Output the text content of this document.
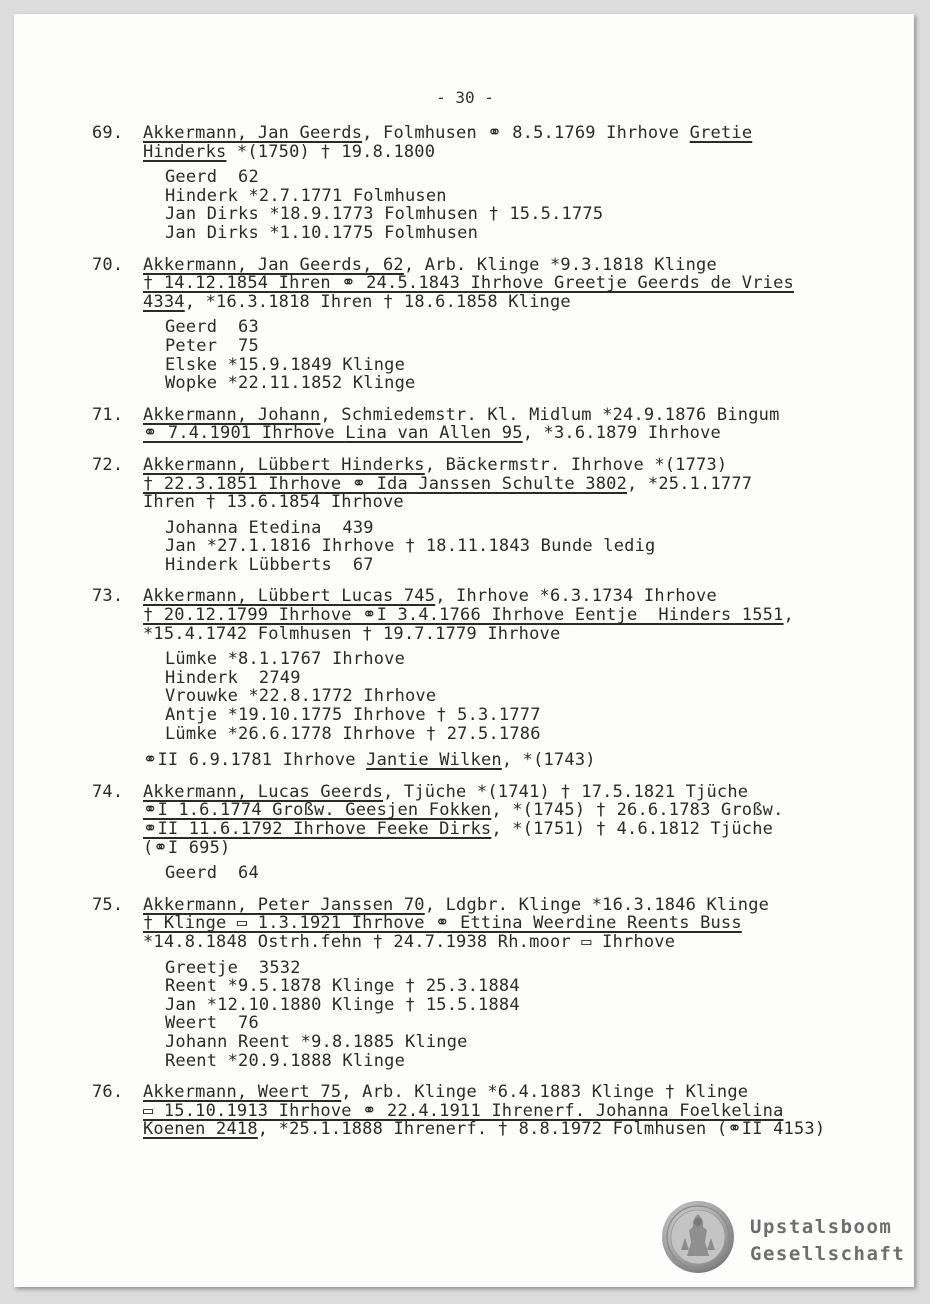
- 30 -
69. Akkermann, Jan Geerds, Folmhusen ⚭ 8.5.1769 Ihrhove Gretie
Hinderks *(1750) † 19.8.1800
Geerd  62
Hinderk *2.7.1771 Folmhusen
Jan Dirks *18.9.1773 Folmhusen † 15.5.1775
Jan Dirks *1.10.1775 Folmhusen
70. Akkermann, Jan Geerds, 62, Arb. Klinge *9.3.1818 Klinge
† 14.12.1854 Ihren ⚭ 24.5.1843 Ihrhove Greetje Geerds de Vries
4334, *16.3.1818 Ihren † 18.6.1858 Klinge
Geerd  63
Peter  75
Elske *15.9.1849 Klinge
Wopke *22.11.1852 Klinge
71. Akkermann, Johann, Schmiedemstr. Kl. Midlum *24.9.1876 Bingum
⚭ 7.4.1901 Ihrhove Lina van Allen 95, *3.6.1879 Ihrhove
72. Akkermann, Lübbert Hinderks, Bäckermstr. Ihrhove *(1773)
† 22.3.1851 Ihrhove ⚭ Ida Janssen Schulte 3802, *25.1.1777
Ihren † 13.6.1854 Ihrhove
Johanna Etedina  439
Jan *27.1.1816 Ihrhove † 18.11.1843 Bunde ledig
Hinderk Lübberts  67
73. Akkermann, Lübbert Lucas 745, Ihrhove *6.3.1734 Ihrhove
† 20.12.1799 Ihrhove ⚭I 3.4.1766 Ihrhove Eentje  Hinders 1551,
*15.4.1742 Folmhusen † 19.7.1779 Ihrhove
Lümke *8.1.1767 Ihrhove
Hinderk  2749
Vrouwke *22.8.1772 Ihrhove
Antje *19.10.1775 Ihrhove † 5.3.1777
Lümke *26.6.1778 Ihrhove † 27.5.1786
⚭II 6.9.1781 Ihrhove Jantie Wilken, *(1743)
74. Akkermann, Lucas Geerds, Tjüche *(1741) † 17.5.1821 Tjüche
⚭I 1.6.1774 Großw. Geesjen Fokken, *(1745) † 26.6.1783 Großw.
⚭II 11.6.1792 Ihrhove Feeke Dirks, *(1751) † 4.6.1812 Tjüche
(⚭I 695)
Geerd  64
75. Akkermann, Peter Janssen 70, Ldgbr. Klinge *16.3.1846 Klinge
† Klinge ▭ 1.3.1921 Ihrhove ⚭ Ettina Weerdine Reents Buss
*14.8.1848 Ostrh.fehn † 24.7.1938 Rh.moor ▭ Ihrhove
Greetje  3532
Reent *9.5.1878 Klinge † 25.3.1884
Jan *12.10.1880 Klinge † 15.5.1884
Weert  76
Johann Reent *9.8.1885 Klinge
Reent *20.9.1888 Klinge
76. Akkermann, Weert 75, Arb. Klinge *6.4.1883 Klinge † Klinge
▭ 15.10.1913 Ihrhove ⚭ 22.4.1911 Ihrenerf. Johanna Foelkelina
Koenen 2418, *25.1.1888 Ihrenerf. † 8.8.1972 Folmhusen (⚭II 4153)
Upstalsboom
Gesellschaft
